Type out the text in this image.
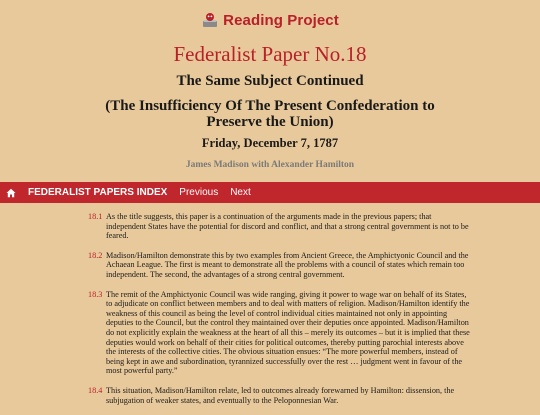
Reading Project
Federalist Paper No.18
The Same Subject Continued
(The Insufficiency Of The Present Confederation to Preserve the Union)
Friday, December 7, 1787
James Madison with Alexander Hamilton
FEDERALIST PAPERS INDEX Previous Next
18.1 As the title suggests, this paper is a continuation of the arguments made in the previous papers; that independent States have the potential for discord and conflict, and that a strong central government is not to be feared.
18.2 Madison/Hamilton demonstrate this by two examples from Ancient Greece, the Amphictyonic Council and the Achaean League. The first is meant to demonstrate all the problems with a council of states which remain too independent. The second, the advantages of a strong central government.
18.3 The remit of the Amphictyonic Council was wide ranging, giving it power to wage war on behalf of its States, to adjudicate on conflict between members and to deal with matters of religion. Madison/Hamilton identify the weakness of this council as being the level of control individual cities maintained not only in appointing deputies to the Council, but the control they maintained over their deputies once appointed. Madison/Hamilton do not explicitly explain the weakness at the heart of all this – merely its outcomes – but it is implied that these deputies would work on behalf of their cities for political outcomes, thereby putting parochial interests above the interests of the collective cities. The obvious situation ensues: “The more powerful members, instead of being kept in awe and subordination, tyrannized successfully over the rest … judgment went in favour of the most powerful party.”
18.4 This situation, Madison/Hamilton relate, led to outcomes already forewarned by Hamilton: dissension, the subjugation of weaker states, and eventually to the Peloponnesian War.
